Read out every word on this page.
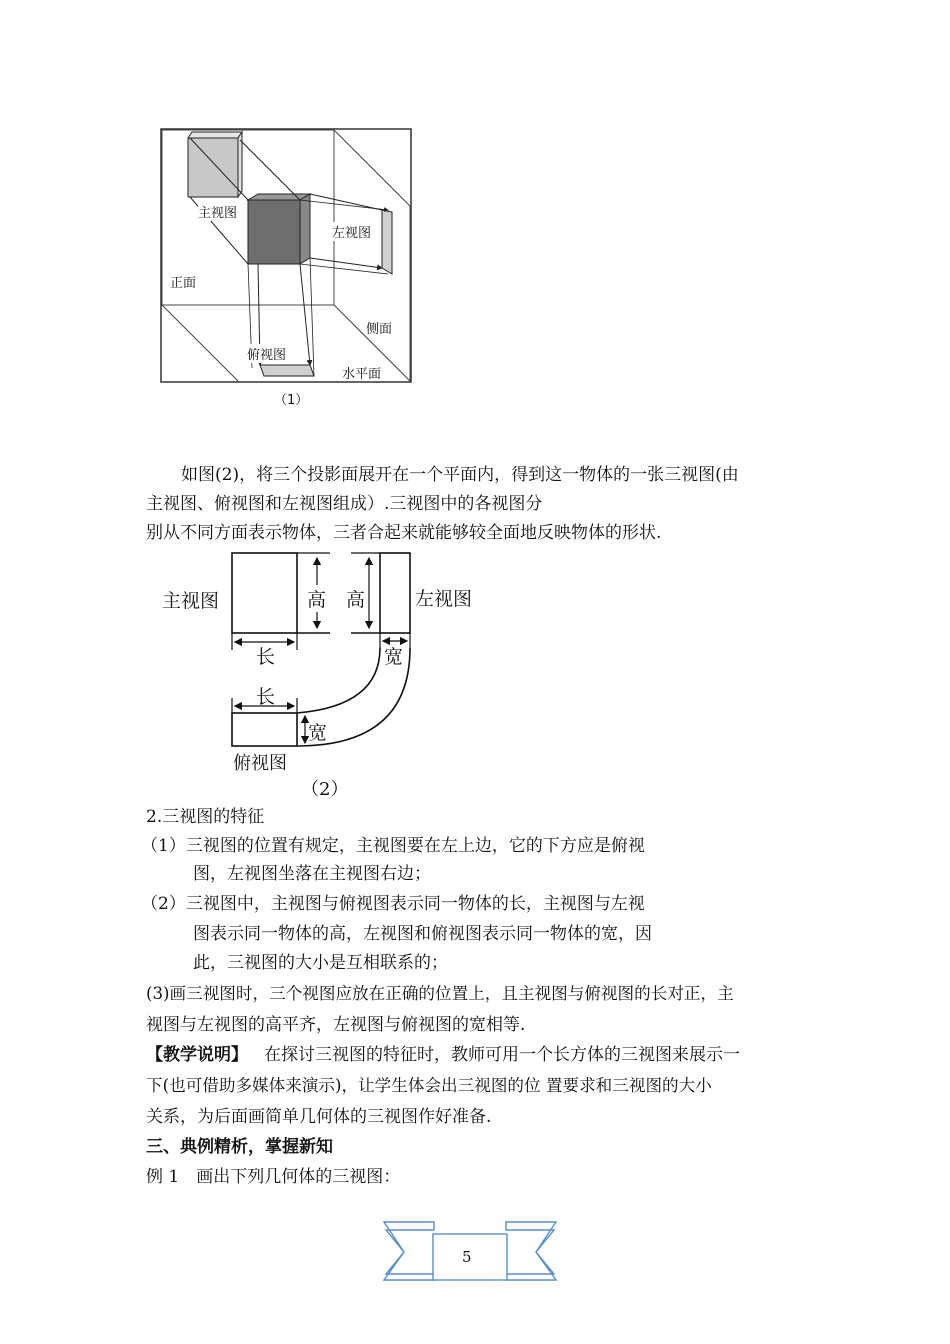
主视图
左视图
正面
侧面
俯视图
水平面
（1）
如图(2)，将三个投影面展开在一个平面内，得到这一物体的一张三视图(由
主视图、俯视图和左视图组成）.三视图中的各视图分
别从不同方面表示物体，三者合起来就能够较全面地反映物体的形状.
主视图	高 高	左视图
长	宽
长
宽
俯视图
（2）
2.三视图的特征
（1）三视图的位置有规定，主视图要在左上边，它的下方应是俯视
图，左视图坐落在主视图右边；
（2）三视图中，主视图与俯视图表示同一物体的长，主视图与左视
图表示同一物体的高，左视图和俯视图表示同一物体的宽，因
此，三视图的大小是互相联系的；
(3)画三视图时，三个视图应放在正确的位置上，且主视图与俯视图的长对正，主
视图与左视图的高平齐，左视图与俯视图的宽相等.
【教学说明】 在探讨三视图的特征时，教师可用一个长方体的三视图来展示一
下(也可借助多媒体来演示)，让学生体会出三视图的位 置要求和三视图的大小
关系，为后面画简单几何体的三视图作好准备.
三、典例精析，掌握新知
例 1　画出下列几何体的三视图：
5
